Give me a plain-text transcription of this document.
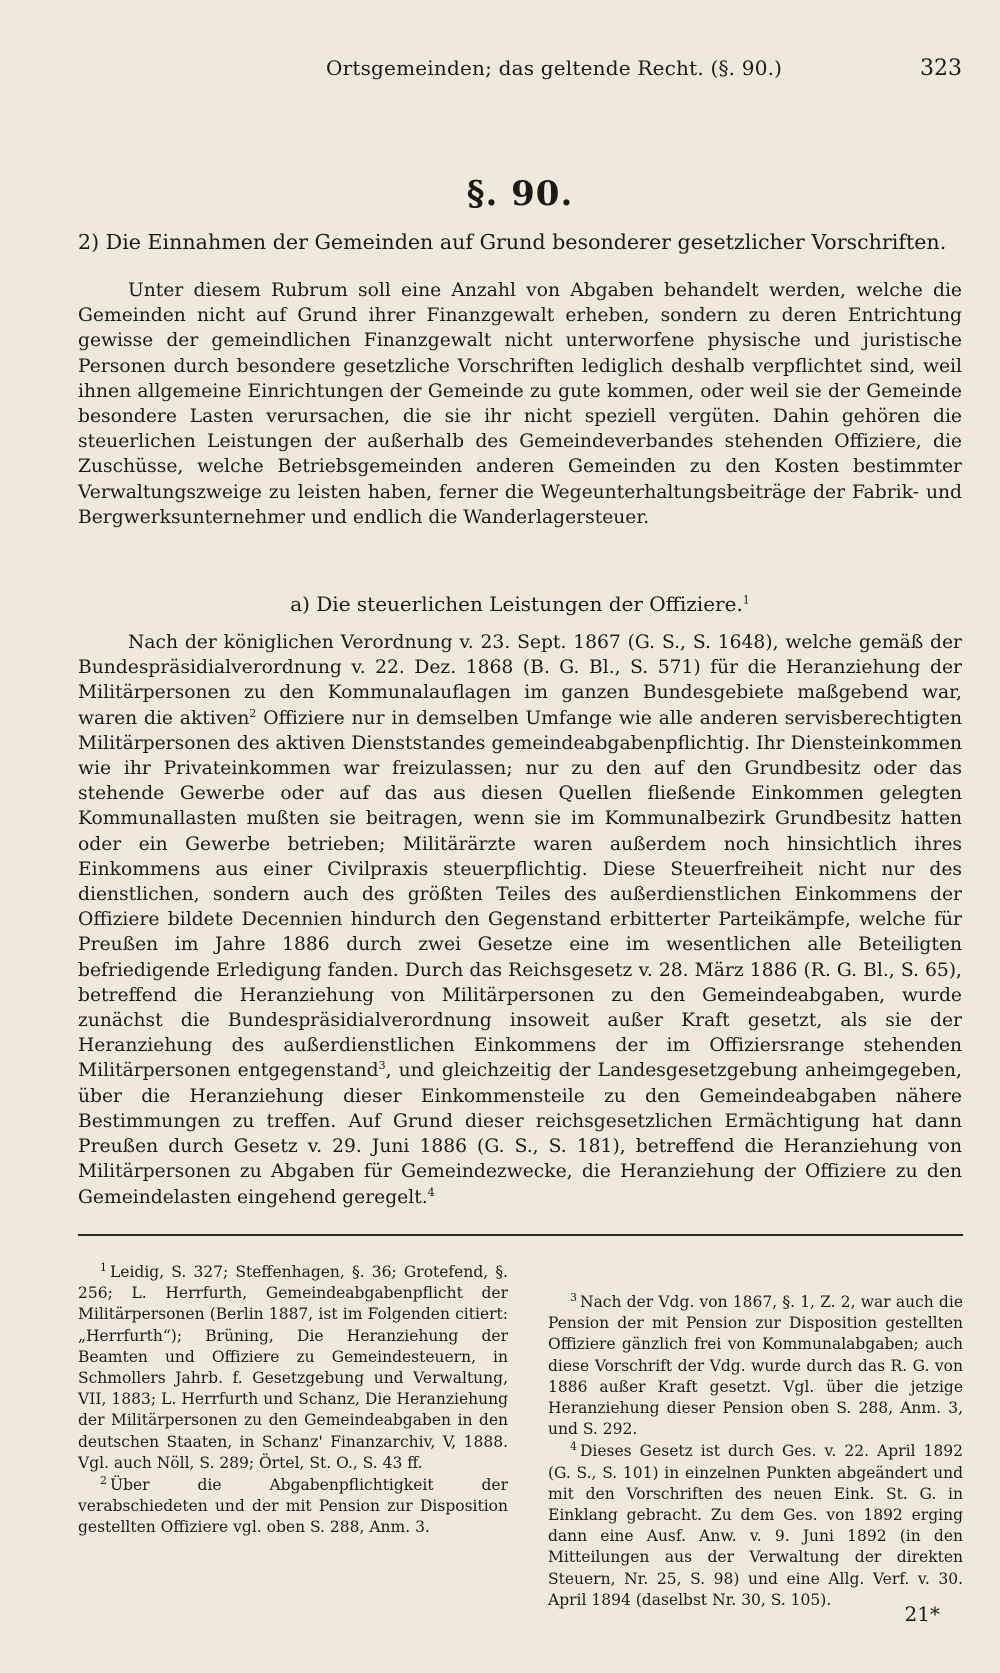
Ortsgemeinden; das geltende Recht. (§. 90.)	323
§. 90.
2) Die Einnahmen der Gemeinden auf Grund besonderer gesetzlicher Vorschriften.

Unter diesem Rubrum soll eine Anzahl von Abgaben behandelt werden, welche die Gemeinden nicht auf Grund ihrer Finanzgewalt erheben, sondern zu deren Entrichtung gewisse der gemeindlichen Finanzgewalt nicht unterworfene physische und juristische Personen durch besondere gesetzliche Vorschriften lediglich deshalb verpflichtet sind, weil ihnen allgemeine Einrichtungen der Gemeinde zu gute kommen, oder weil sie der Gemeinde besondere Lasten verursachen, die sie ihr nicht speziell vergüten. Dahin gehören die steuerlichen Leistungen der außerhalb des Gemeindeverbandes stehenden Offiziere, die Zuschüsse, welche Betriebsgemeinden anderen Gemeinden zu den Kosten bestimmter Verwaltungszweige zu leisten haben, ferner die Wegeunterhaltungsbeiträge der Fabrik- und Bergwerksunternehmer und endlich die Wanderlagersteuer.

a) Die steuerlichen Leistungen der Offiziere.$^1$

Nach der königlichen Verordnung v. 23. Sept. 1867 (G. S., S. 1648), welche gemäß der Bundespräsidialverordnung v. 22. Dez. 1868 (B. G. Bl., S. 571) für die Heranziehung der Militärpersonen zu den Kommunalauflagen im ganzen Bundesgebiete maßgebend war, waren die aktiven$^2$ Offiziere nur in demselben Umfange wie alle anderen servisberechtigten Militärpersonen des aktiven Dienststandes gemeindeabgabenpflichtig. Ihr Diensteinkommen wie ihr Privateinkommen war freizulassen; nur zu den auf den Grundbesitz oder das stehende Gewerbe oder auf das aus diesen Quellen fließende Einkommen gelegten Kommunallasten mußten sie beitragen, wenn sie im Kommunalbezirk Grundbesitz hatten oder ein Gewerbe betrieben; Militärärzte waren außerdem noch hinsichtlich ihres Einkommens aus einer Civilpraxis steuerpflichtig. Diese Steuerfreiheit nicht nur des dienstlichen, sondern auch des größten Teiles des außerdienstlichen Einkommens der Offiziere bildete Decennien hindurch den Gegenstand erbitterter Parteikämpfe, welche für Preußen im Jahre 1886 durch zwei Gesetze eine im wesentlichen alle Beteiligten befriedigende Erledigung fanden. Durch das Reichsgesetz v. 28. März 1886 (R. G. Bl., S. 65), betreffend die Heranziehung von Militärpersonen zu den Gemeindeabgaben, wurde zunächst die Bundespräsidialverordnung insoweit außer Kraft gesetzt, als sie der Heranziehung des außerdienstlichen Einkommens der im Offiziersrange stehenden Militärpersonen entgegenstand$^3$, und gleichzeitig der Landesgesetzgebung anheimgegeben, über die Heranziehung dieser Einkommensteile zu den Gemeindeabgaben nähere Bestimmungen zu treffen. Auf Grund dieser reichsgesetzlichen Ermächtigung hat dann Preußen durch Gesetz v. 29. Juni 1886 (G. S., S. 181), betreffend die Heranziehung von Militärpersonen zu Abgaben für Gemeindezwecke, die Heranziehung der Offiziere zu den Gemeindelasten eingehend geregelt.$^4$

$^1$ Leidig, S. 327; Steffenhagen, §. 36; Grotefend, §. 256; L. Herrfurth, Gemeindeabgabenpflicht der Militärpersonen (Berlin 1887, ist im Folgenden citiert: „Herrfurth“); Brüning, Die Heranziehung der Beamten und Offiziere zu Gemeindesteuern, in Schmollers Jahrb. f. Gesetzgebung und Verwaltung, VII, 1883; L. Herrfurth und Schanz, Die Heranziehung der Militärpersonen zu den Gemeindeabgaben in den deutschen Staaten, in Schanz' Finanzarchiv, V, 1888. Vgl. auch Nöll, S. 289; Örtel, St. O., S. 43 ff.

$^2$ Über die Abgabenpflichtigkeit der verabschiedeten und der mit Pension zur Disposition gestellten Offiziere vgl. oben S. 288, Anm. 3.

$^3$ Nach der Vdg. von 1867, §. 1, Z. 2, war auch die Pension der mit Pension zur Disposition gestellten Offiziere gänzlich frei von Kommunalabgaben; auch diese Vorschrift der Vdg. wurde durch das R. G. von 1886 außer Kraft gesetzt. Vgl. über die jetzige Heranziehung dieser Pension oben S. 288, Anm. 3, und S. 292.

$^4$ Dieses Gesetz ist durch Ges. v. 22. April 1892 (G. S., S. 101) in einzelnen Punkten abgeändert und mit den Vorschriften des neuen Eink. St. G. in Einklang gebracht. Zu dem Ges. von 1892 erging dann eine Ausf. Anw. v. 9. Juni 1892 (in den Mitteilungen aus der Verwaltung der direkten Steuern, Nr. 25, S. 98) und eine Allg. Verf. v. 30. April 1894 (daselbst Nr. 30, S. 105).

21*
